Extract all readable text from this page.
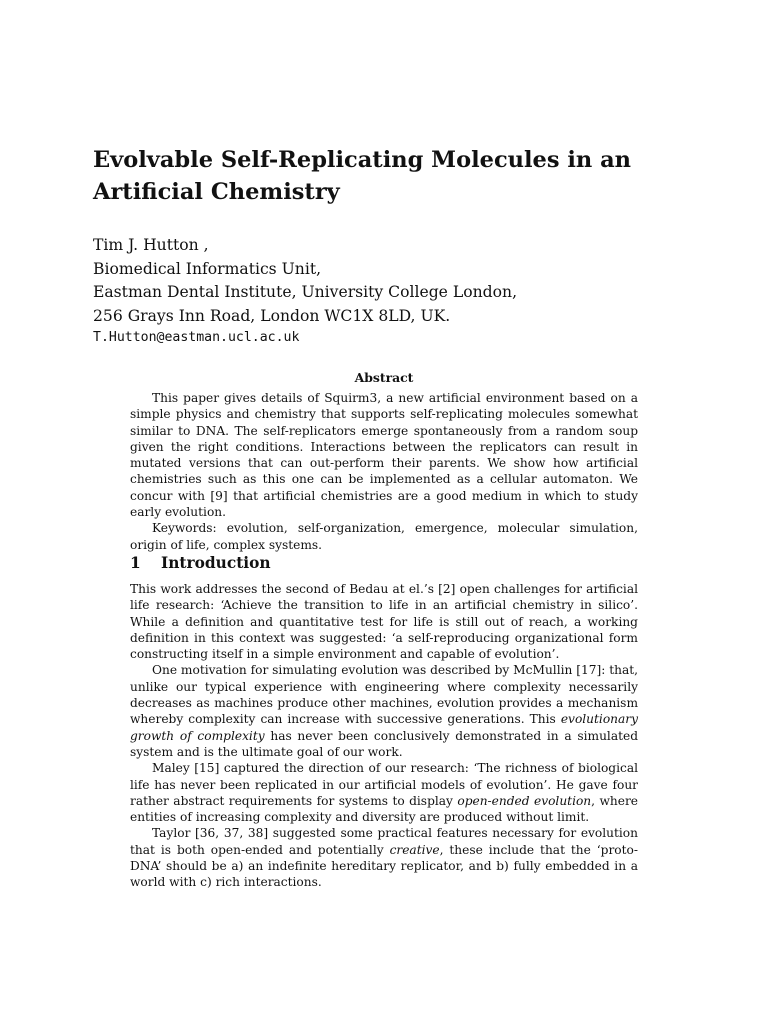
Evolvable Self-Replicating Molecules in an Artificial Chemistry
Tim J. Hutton ,
Biomedical Informatics Unit,
Eastman Dental Institute, University College London,
256 Grays Inn Road, London WC1X 8LD, UK.
T.Hutton@eastman.ucl.ac.uk
Abstract

This paper gives details of Squirm3, a new artificial environment based on a simple physics and chemistry that supports self-replicating molecules somewhat similar to DNA. The self-replicators emerge spontaneously from a random soup given the right conditions. Interactions between the replicators can result in mutated versions that can out-perform their parents. We show how artificial chemistries such as this one can be implemented as a cellular automaton. We concur with [9] that artificial chemistries are a good medium in which to study early evolution.

Keywords: evolution, self-organization, emergence, molecular simulation, origin of life, complex systems.

1 Introduction

This work addresses the second of Bedau at el.’s [2] open challenges for artificial life research: ‘Achieve the transition to life in an artificial chemistry in silico’. While a definition and quantitative test for life is still out of reach, a working definition in this context was suggested: ‘a self-reproducing organizational form constructing itself in a simple environment and capable of evolution’.

One motivation for simulating evolution was described by McMullin [17]: that, unlike our typical experience with engineering where complexity necessarily decreases as machines produce other machines, evolution provides a mechanism whereby complexity can increase with successive generations. This evolutionary growth of complexity has never been conclusively demonstrated in a simulated system and is the ultimate goal of our work.

Maley [15] captured the direction of our research: ‘The richness of biological life has never been replicated in our artificial models of evolution’. He gave four rather abstract requirements for systems to display open-ended evolution, where entities of increasing complexity and diversity are produced without limit.

Taylor [36, 37, 38] suggested some practical features necessary for evolution that is both open-ended and potentially creative, these include that the ‘proto-DNA’ should be a) an indefinite hereditary replicator, and b) fully embedded in a world with c) rich interactions.
